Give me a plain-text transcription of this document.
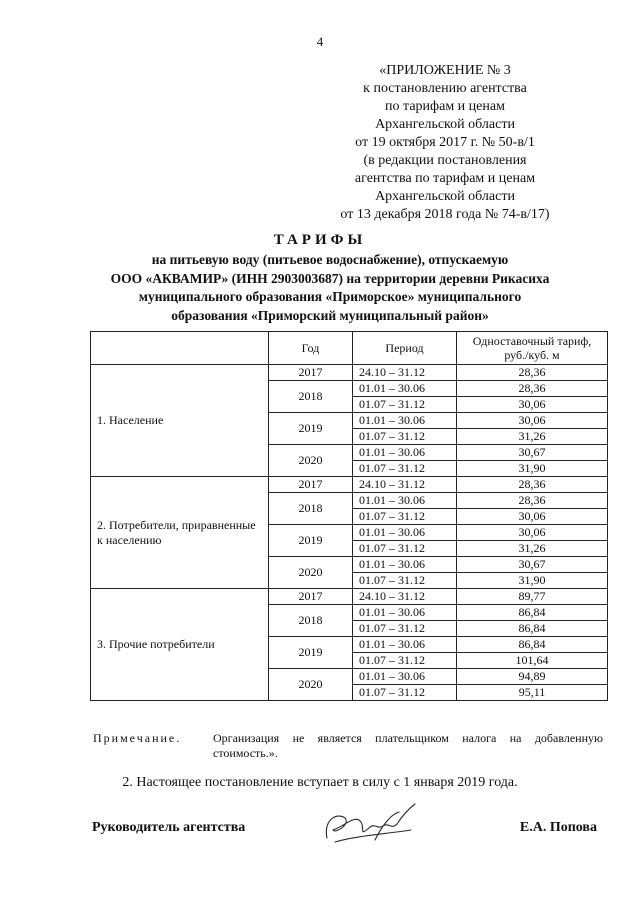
4
«ПРИЛОЖЕНИЕ № 3
к постановлению агентства
по тарифам и ценам
Архангельской области
от 19 октября 2017 г. № 50-в/1
(в редакции постановления
агентства по тарифам и ценам
Архангельской области
от 13 декабря 2018 года № 74-в/17)
ТАРИФЫ
на питьевую воду (питьевое водоснабжение), отпускаемую
ООО «АКВАМИР» (ИНН 2903003687) на территории деревни Рикасиха
муниципального образования «Приморское» муниципального
образования «Приморский муниципальный район»
	Год	Период	Одноставочный тариф, руб./куб. м
1. Население	2017	24.10 – 31.12	28,36
	2018	01.01 – 30.06	28,36
		01.07 – 31.12	30,06
	2019	01.01 – 30.06	30,06
		01.07 – 31.12	31,26
	2020	01.01 – 30.06	30,67
		01.07 – 31.12	31,90
2. Потребители, приравненные к населению	2017	24.10 – 31.12	28,36
	2018	01.01 – 30.06	28,36
		01.07 – 31.12	30,06
	2019	01.01 – 30.06	30,06
		01.07 – 31.12	31,26
	2020	01.01 – 30.06	30,67
		01.07 – 31.12	31,90
3. Прочие потребители	2017	24.10 – 31.12	89,77
	2018	01.01 – 30.06	86,84
		01.07 – 31.12	86,84
	2019	01.01 – 30.06	86,84
		01.07 – 31.12	101,64
	2020	01.01 – 30.06	94,89
		01.07 – 31.12	95,11
Примечание.	Организация не является плательщиком налога на добавленную стоимость.».
2. Настоящее постановление вступает в силу с 1 января 2019 года.
Руководитель агентства	Е.А. Попова
